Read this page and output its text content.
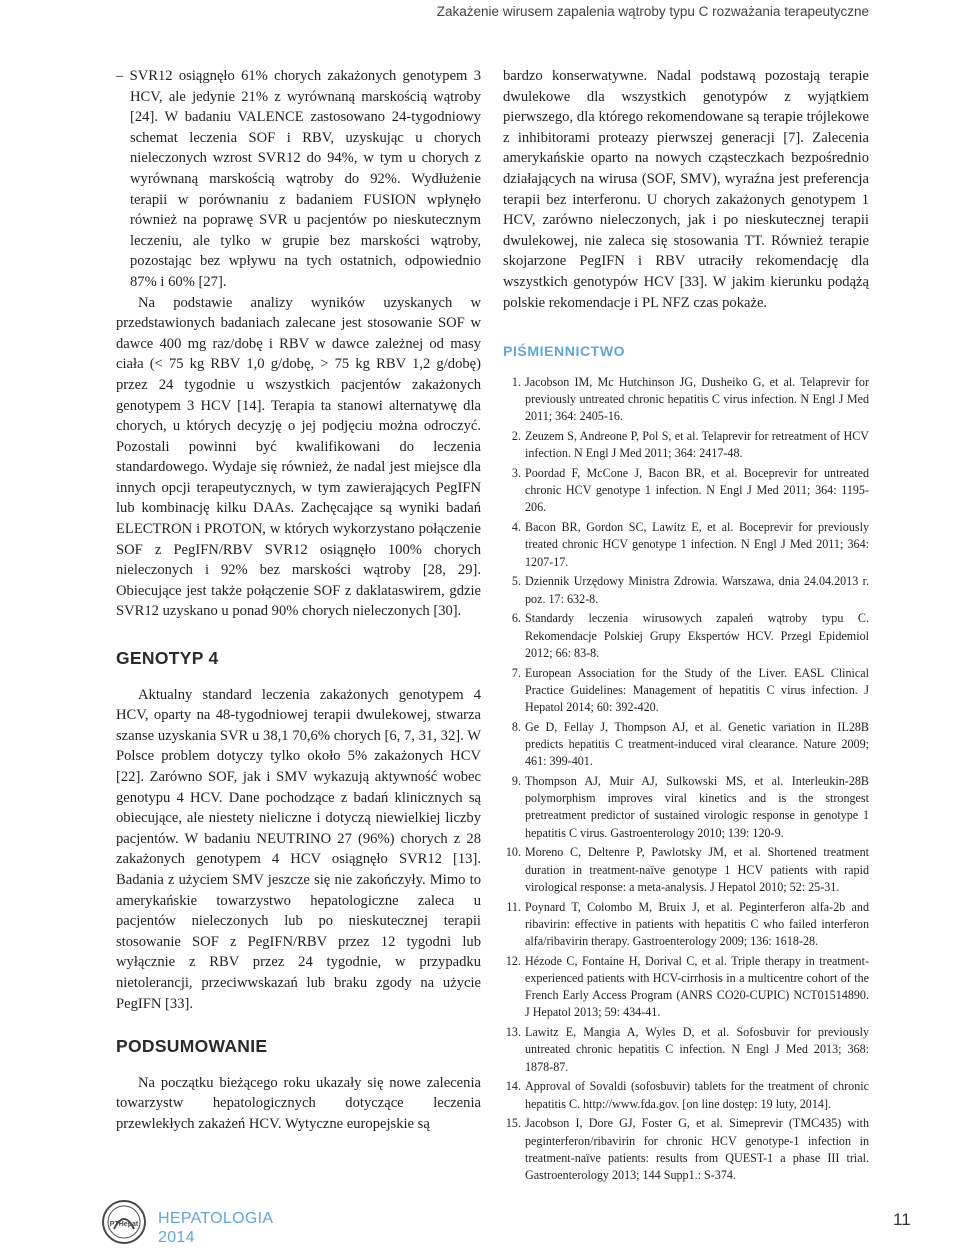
Zakażenie wirusem zapalenia wątroby typu C rozważania terapeutyczne

– SVR12 osiągnęło 61% chorych zakażonych genotypem 3 HCV, ale jedynie 21% z wyrównaną marskością wątroby [24]. W badaniu VALENCE zastosowano 24-tygodniowy schemat leczenia SOF i RBV, uzyskując u chorych nieleczonych wzrost SVR12 do 94%, w tym u chorych z wyrównaną marskością wątroby do 92%. Wydłużenie terapii w porównaniu z badaniem FUSION wpłynęło również na poprawę SVR u pacjentów po nieskutecznym leczeniu, ale tylko w grupie bez marskości wątroby, pozostając bez wpływu na tych ostatnich, odpowiednio 87% i 60% [27].

Na podstawie analizy wyników uzyskanych w przedstawionych badaniach zalecane jest stosowanie SOF w dawce 400 mg raz/dobę i RBV w dawce zależnej od masy ciała (< 75 kg RBV 1,0 g/dobę, > 75 kg RBV 1,2 g/dobę) przez 24 tygodnie u wszystkich pacjentów zakażonych genotypem 3 HCV [14]. Terapia ta stanowi alternatywę dla chorych, u których decyzję o jej podjęciu można odroczyć. Pozostali powinni być kwalifikowani do leczenia standardowego. Wydaje się również, że nadal jest miejsce dla innych opcji terapeutycznych, w tym zawierających PegIFN lub kombinację kilku DAAs. Zachęcające są wyniki badań ELECTRON i PROTON, w których wykorzystano połączenie SOF z PegIFN/RBV SVR12 osiągnęło 100% chorych nieleczonych i 92% bez marskości wątroby [28, 29]. Obiecujące jest także połączenie SOF z daklataswirem, gdzie SVR12 uzyskano u ponad 90% chorych nieleczonych [30].

GENOTYP 4

Aktualny standard leczenia zakażonych genotypem 4 HCV, oparty na 48-tygodniowej terapii dwulekowej, stwarza szanse uzyskania SVR u 38,1 70,6% chorych [6, 7, 31, 32]. W Polsce problem dotyczy tylko około 5% zakażonych HCV [22]. Zarówno SOF, jak i SMV wykazują aktywność wobec genotypu 4 HCV. Dane pochodzące z badań klinicznych są obiecujące, ale niestety nieliczne i dotyczą niewielkiej liczby pacjentów. W badaniu NEUTRINO 27 (96%) chorych z 28 zakażonych genotypem 4 HCV osiągnęło SVR12 [13]. Badania z użyciem SMV jeszcze się nie zakończyły. Mimo to amerykańskie towarzystwo hepatologiczne zaleca u pacjentów nieleczonych lub po nieskutecznej terapii stosowanie SOF z PegIFN/RBV przez 12 tygodni lub wyłącznie z RBV przez 24 tygodnie, w przypadku nietolerancji, przeciwwskazań lub braku zgody na użycie PegIFN [33].

PODSUMOWANIE

Na początku bieżącego roku ukazały się nowe zalecenia towarzystw hepatologicznych dotyczące leczenia przewlekłych zakażeń HCV. Wytyczne europejskie są

bardzo konserwatywne. Nadal podstawą pozostają terapie dwulekowe dla wszystkich genotypów z wyjątkiem pierwszego, dla którego rekomendowane są terapie trójlekowe z inhibitorami proteazy pierwszej generacji [7]. Zalecenia amerykańskie oparto na nowych cząsteczkach bezpośrednio działających na wirusa (SOF, SMV), wyraźna jest preferencja terapii bez interferonu. U chorych zakażonych genotypem 1 HCV, zarówno nieleczonych, jak i po nieskutecznej terapii dwulekowej, nie zaleca się stosowania TT. Również terapie skojarzone PegIFN i RBV utraciły rekomendację dla wszystkich genotypów HCV [33]. W jakim kierunku podążą polskie rekomendacje i PL NFZ czas pokaże.

PIŚMIENNICTWO
1. Jacobson IM, Mc Hutchinson JG, Dusheiko G, et al. Telaprevir for previously untreated chronic hepatitis C virus infection. N Engl J Med 2011; 364: 2405-16.
2. Zeuzem S, Andreone P, Pol S, et al. Telaprevir for retreatment of HCV infection. N Engl J Med 2011; 364: 2417-48.
3. Poordad F, McCone J, Bacon BR, et al. Boceprevir for untreated chronic HCV genotype 1 infection. N Engl J Med 2011; 364: 1195-206.
4. Bacon BR, Gordon SC, Lawitz E, et al. Boceprevir for previously treated chronic HCV genotype 1 infection. N Engl J Med 2011; 364: 1207-17.
5. Dziennik Urzędowy Ministra Zdrowia. Warszawa, dnia 24.04.2013 r. poz. 17: 632-8.
6. Standardy leczenia wirusowych zapaleń wątroby typu C. Rekomendacje Polskiej Grupy Ekspertów HCV. Przegl Epidemiol 2012; 66: 83-8.
7. European Association for the Study of the Liver. EASL Clinical Practice Guidelines: Management of hepatitis C virus infection. J Hepatol 2014; 60: 392-420.
8. Ge D, Fellay J, Thompson AJ, et al. Genetic variation in IL28B predicts hepatitis C treatment-induced viral clearance. Nature 2009; 461: 399-401.
9. Thompson AJ, Muir AJ, Sulkowski MS, et al. Interleukin-28B polymorphism improves viral kinetics and is the strongest pretreatment predictor of sustained virologic response in genotype 1 hepatitis C virus. Gastroenterology 2010; 139: 120-9.
10. Moreno C, Deltenre P, Pawlotsky JM, et al. Shortened treatment duration in treatment-naïve genotype 1 HCV patients with rapid virological response: a meta-analysis. J Hepatol 2010; 52: 25-31.
11. Poynard T, Colombo M, Bruix J, et al. Peginterferon alfa-2b and ribavirin: effective in patients with hepatitis C who failed interferon alfa/ribavirin therapy. Gastroenterology 2009; 136: 1618-28.
12. Hézode C, Fontaine H, Dorival C, et al. Triple therapy in treatment-experienced patients with HCV-cirrhosis in a multicentre cohort of the French Early Access Program (ANRS CO20-CUPIC) NCT01514890. J Hepatol 2013; 59: 434-41.
13. Lawitz E, Mangia A, Wyles D, et al. Sofosbuvir for previously untreated chronic hepatitis C infection. N Engl J Med 2013; 368: 1878-87.
14. Approval of Sovaldi (sofosbuvir) tablets for the treatment of chronic hepatitis C. http://www.fda.gov. [on line dostęp: 19 luty, 2014].
15. Jacobson I, Dore GJ, Foster G, et al. Simeprevir (TMC435) with peginterferon/ribavirin for chronic HCV genotype-1 infection in treatment-naïve patients: results from QUEST-1 a phase III trial. Gastroenterology 2013; 144 Supp1.: S-374.
PTHepat HEPATOLOGIA
2014
11
